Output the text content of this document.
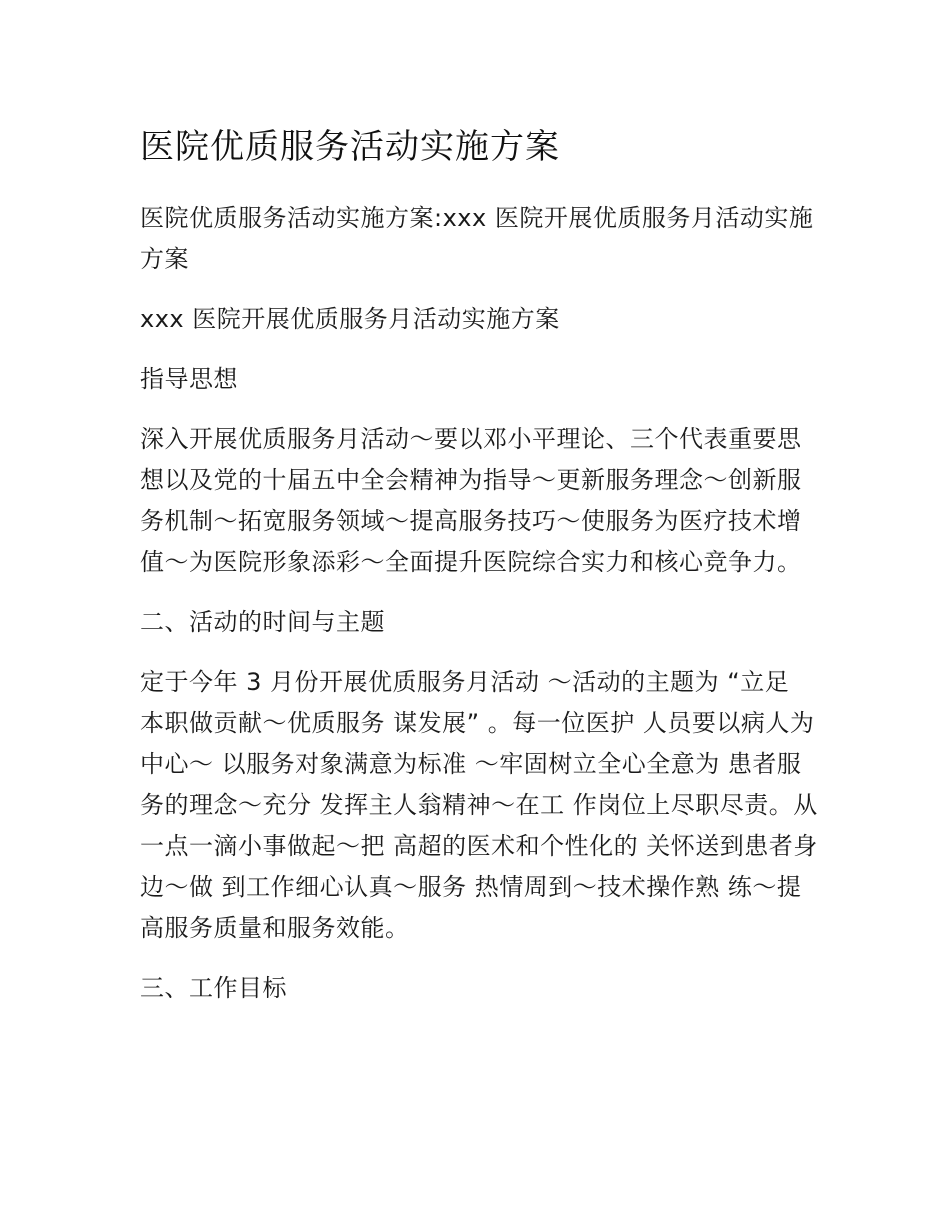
医院优质服务活动实施方案

医院优质服务活动实施方案:xxx 医院开展优质服务月活动实施方案

xxx 医院开展优质服务月活动实施方案

指导思想

深入开展优质服务月活动～要以邓小平理论、三个代表重要思想以及党的十届五中全会精神为指导～更新服务理念～创新服务机制～拓宽服务领域～提高服务技巧～使服务为医疗技术增值～为医院形象添彩～全面提升医院综合实力和核心竞争力。

二、活动的时间与主题

定于今年 3 月份开展优质服务月活动 ～活动的主题为 “立足 本职做贡献～优质服务 谋发展” 。每一位医护 人员要以病人为中心～ 以服务对象满意为标准 ～牢固树立全心全意为 患者服务的理念～充分 发挥主人翁精神～在工 作岗位上尽职尽责。从 一点一滴小事做起～把 高超的医术和个性化的 关怀送到患者身边～做 到工作细心认真～服务 热情周到～技术操作熟 练～提高服务质量和服务效能。

三、工作目标
